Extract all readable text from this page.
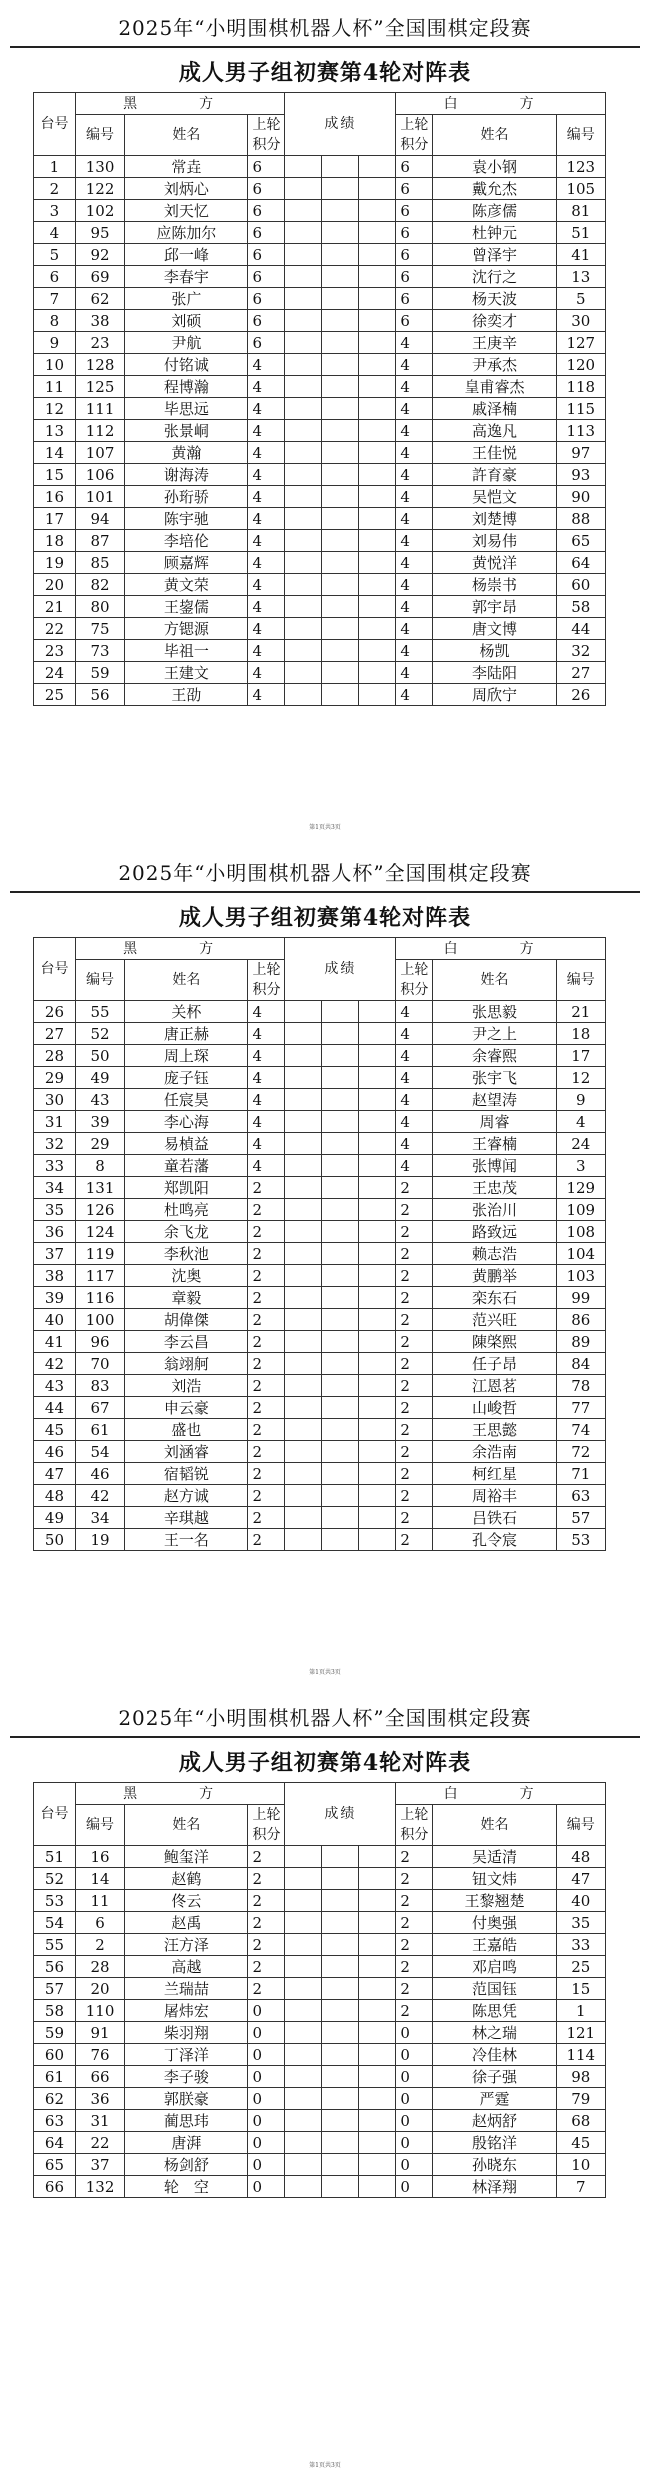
2025年“小明围棋机器人杯”全国围棋定段赛
成人男子组初赛第4轮对阵表
台号	黑　方			成绩			白　方		
	编号	姓名	上轮积分				上轮积分	姓名	编号
1	130	常垚	6				6	袁小钢	123
2	122	刘炳心	6				6	戴允杰	105
3	102	刘天忆	6				6	陈彦儒	81
4	95	应陈加尔	6				6	杜钟元	51
5	92	邱一峰	6				6	曾泽宇	41
6	69	李春宇	6				6	沈行之	13
7	62	张广	6				6	杨天波	5
8	38	刘硕	6				6	徐奕才	30
9	23	尹航	6				4	王庚辛	127
10	128	付铭诚	4				4	尹承杰	120
11	125	程博瀚	4				4	皇甫睿杰	118
12	111	毕思远	4				4	戚泽楠	115
13	112	张景峒	4				4	高逸凡	113
14	107	黄瀚	4				4	王佳悦	97
15	106	谢海涛	4				4	許育豪	93
16	101	孙珩骄	4				4	吴恺文	90
17	94	陈宇驰	4				4	刘楚博	88
18	87	李培伦	4				4	刘易伟	65
19	85	顾嘉辉	4				4	黄悦洋	64
20	82	黄文荣	4				4	杨崇书	60
21	80	王鋆儒	4				4	郭宇昂	58
22	75	方锶源	4				4	唐文博	44
23	73	毕祖一	4				4	杨凯	32
24	59	王建文	4				4	李陆阳	27
25	56	王劭	4				4	周欣宁	26
第1页共3页
2025年“小明围棋机器人杯”全国围棋定段赛
成人男子组初赛第4轮对阵表
台号	黑　方			成绩			白　方		
	编号	姓名	上轮积分				上轮积分	姓名	编号
26	55	关杯	4				4	张思毅	21
27	52	唐正赫	4				4	尹之上	18
28	50	周上琛	4				4	余睿熙	17
29	49	庞子钰	4				4	张宇飞	12
30	43	任宸昊	4				4	赵望涛	9
31	39	李心海	4				4	周睿	4
32	29	易楨益	4				4	王睿楠	24
33	8	童若藩	4				4	张博闻	3
34	131	郑凯阳	2				2	王忠茂	129
35	126	杜鸣亮	2				2	张治川	109
36	124	余飞龙	2				2	路致远	108
37	119	李秋池	2				2	赖志浩	104
38	117	沈奥	2				2	黄鹏举	103
39	116	章毅	2				2	栾东石	99
40	100	胡偉傑	2				2	范兴旺	86
41	96	李云昌	2				2	陳棨熙	89
42	70	翁翊舸	2				2	任子昂	84
43	83	刘浩	2				2	江恩茗	78
44	67	申云豪	2				2	山峻哲	77
45	61	盛也	2				2	王思懿	74
46	54	刘涵睿	2				2	余浩南	72
47	46	宿韬锐	2				2	柯红星	71
48	42	赵方诚	2				2	周裕丰	63
49	34	辛琪越	2				2	吕铁石	57
50	19	王一名	2				2	孔令宸	53
第1页共3页
2025年“小明围棋机器人杯”全国围棋定段赛
成人男子组初赛第4轮对阵表
台号	黑　方			成绩			白　方		
	编号	姓名	上轮积分				上轮积分	姓名	编号
51	16	鲍玺洋	2				2	吴适清	48
52	14	赵鹤	2				2	钮文炜	47
53	11	佟云	2				2	王黎翘楚	40
54	6	赵禹	2				2	付奥强	35
55	2	汪方泽	2				2	王嘉皓	33
56	28	高越	2				2	邓启鸣	25
57	20	兰瑞喆	2				2	范国钰	15
58	110	屠炜宏	0				2	陈思凭	1
59	91	柴羽翔	0				0	林之瑞	121
60	76	丁泽洋	0				0	冷佳林	114
61	66	李子骏	0				0	徐子强	98
62	36	郭朕豪	0				0	严霆	79
63	31	蔺思玮	0				0	赵炳舒	68
64	22	唐湃	0				0	殷铭洋	45
65	37	杨剑舒	0				0	孙晓东	10
66	132	轮　空	0				0	林泽翔	7
第1页共3页
